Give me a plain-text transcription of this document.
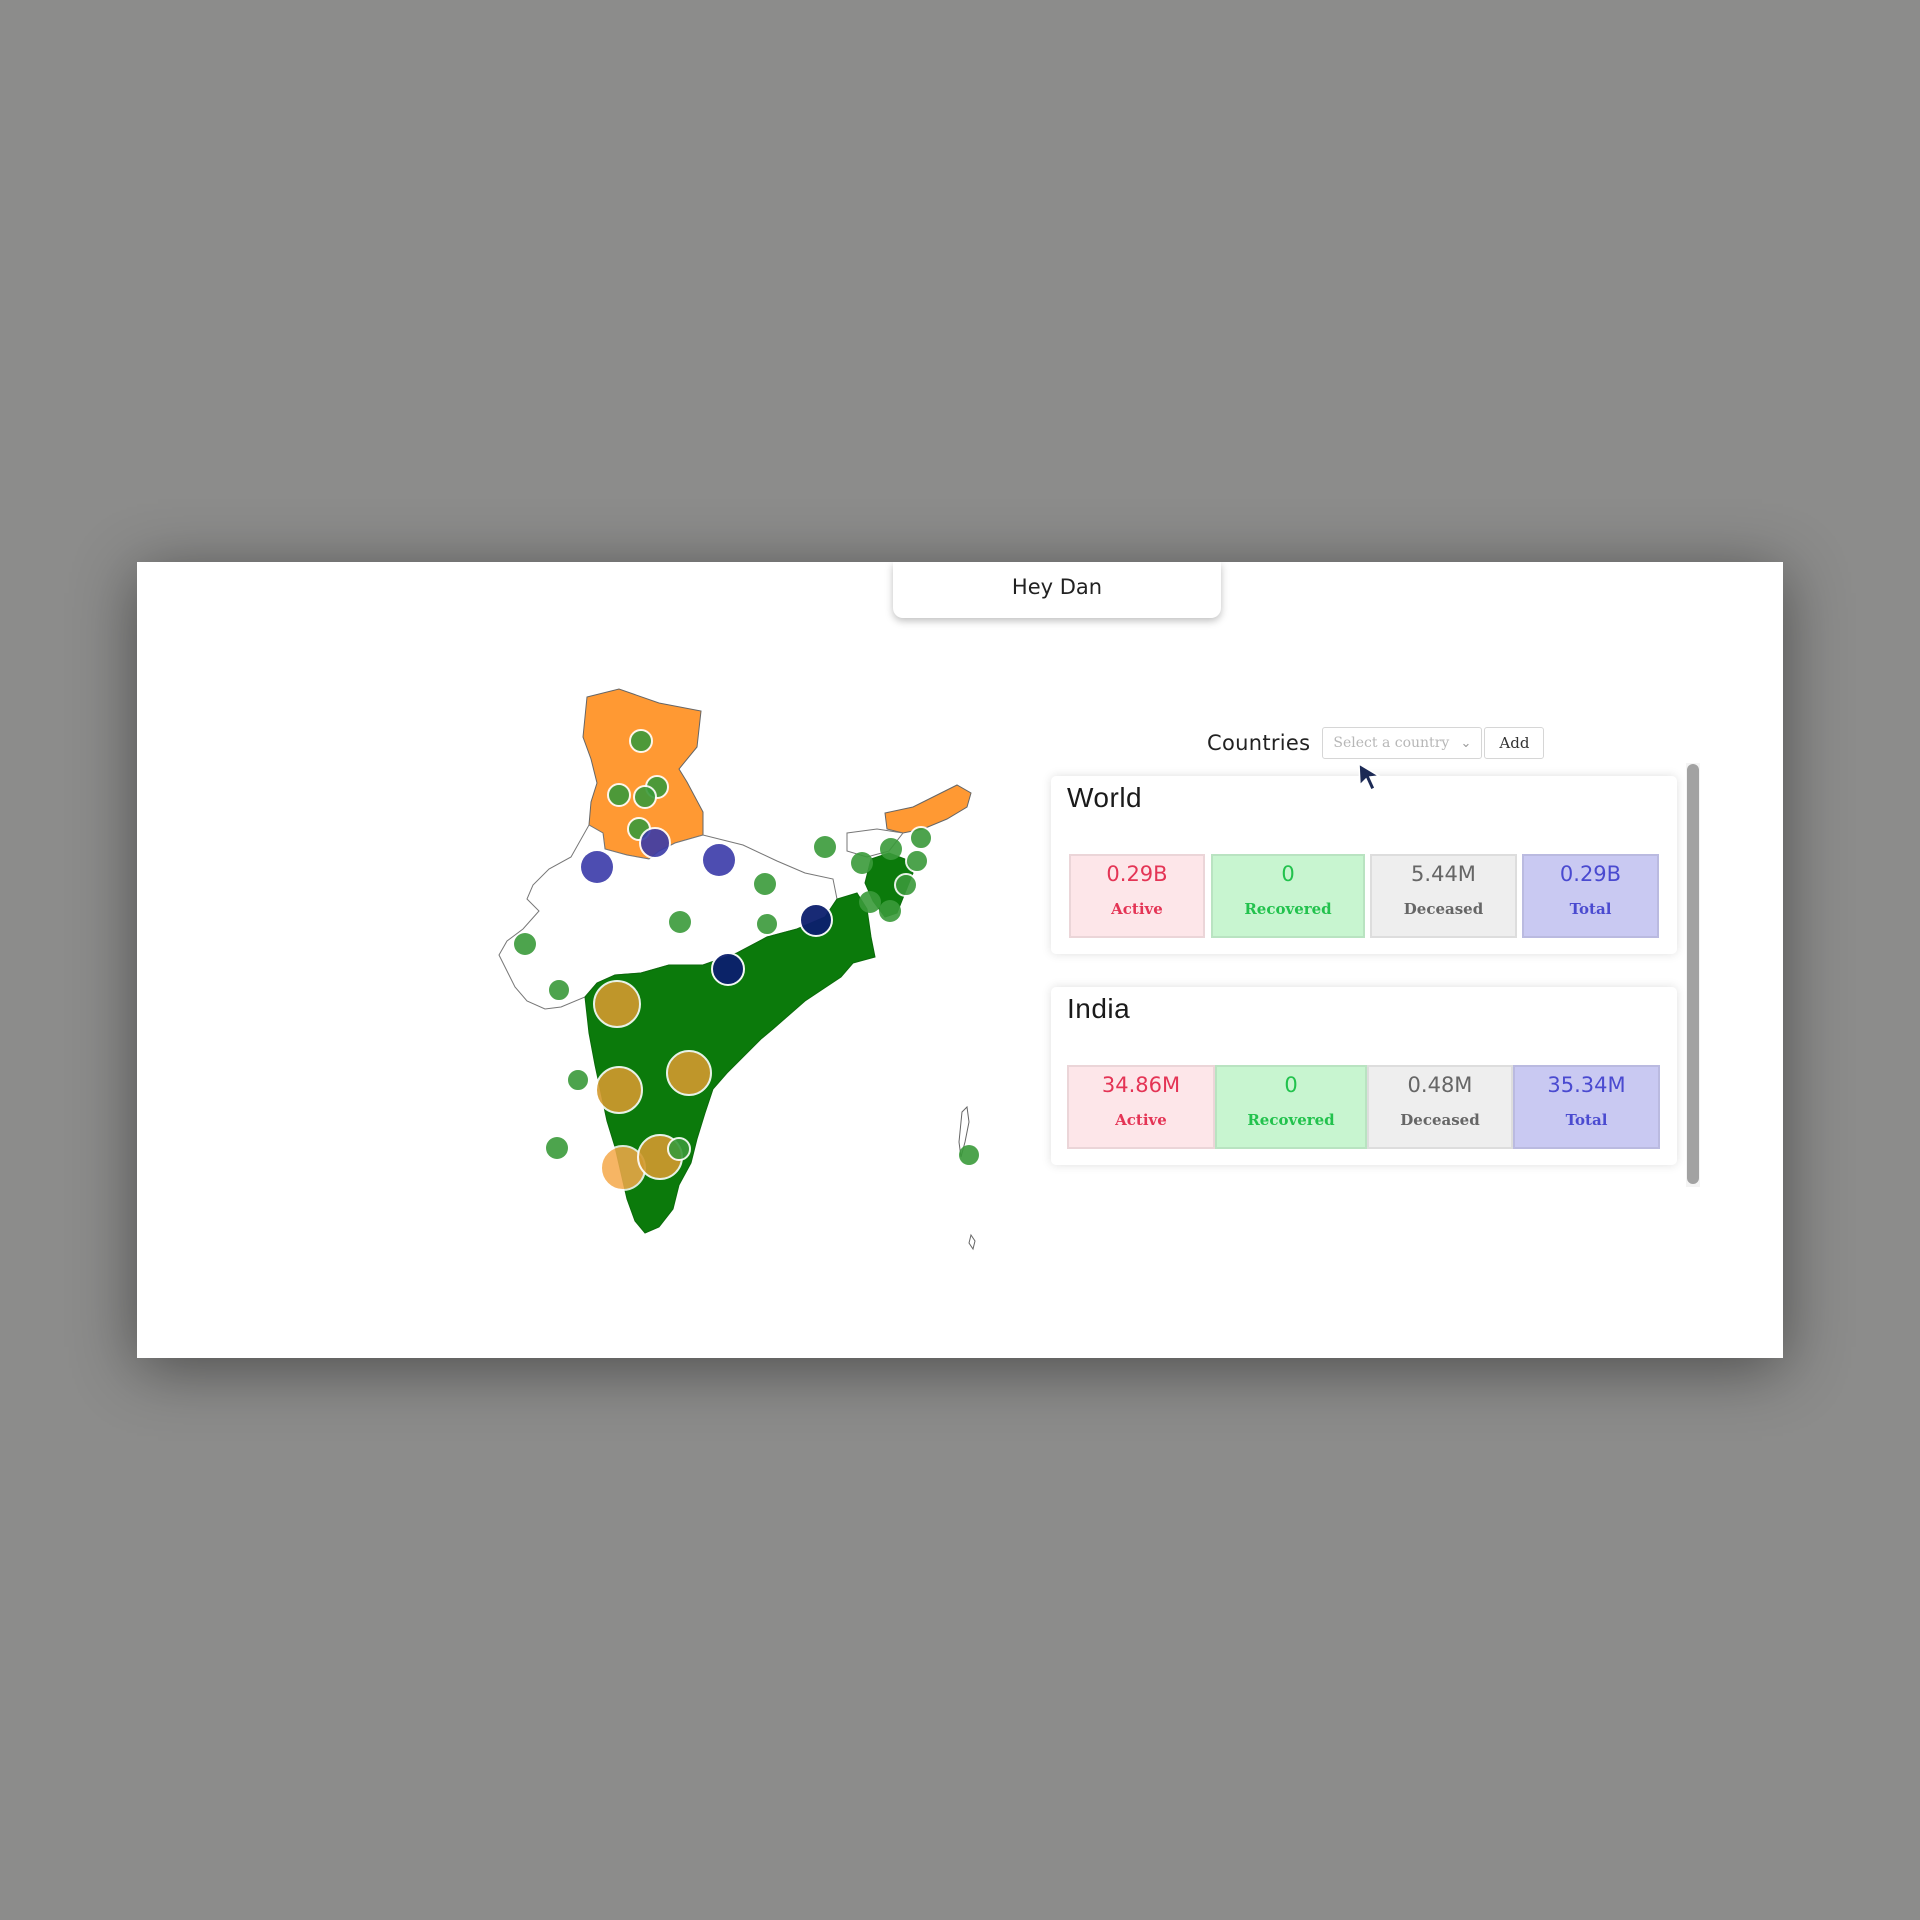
Hey Dan
Countries Select a country ⌄	Add
World
0.29B
Active
0
Recovered
5.44M
Deceased
0.29B
Total
India
34.86M
Active
0
Recovered
0.48M
Deceased
35.34M
Total
